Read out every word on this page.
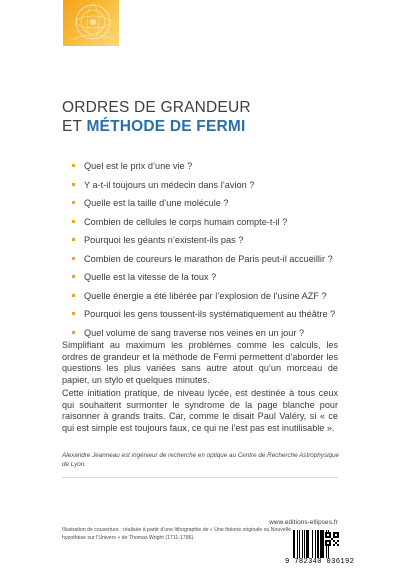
ORDRES DE GRANDEUR
ET MÉTHODE DE FERMI
Quel est le prix d’une vie ?
Y a-t-il toujours un médecin dans l’avion ?
Quelle est la taille d’une molécule ?
Combien de cellules le corps humain compte-t-il ?
Pourquoi les géants n’existent-ils pas ?
Combien de coureurs le marathon de Paris peut-il accueillir ?
Quelle est la vitesse de la toux ?
Quelle énergie a été libérée par l’explosion de l’usine AZF ?
Pourquoi les gens toussent-ils systématiquement au théâtre ?
Quel volume de sang traverse nos veines en un jour ?

Simplifiant au maximum les problèmes comme les calculs, les ordres de grandeur et la méthode de Fermi permettent d’aborder les questions les plus variées sans autre atout qu’un morceau de papier, un stylo et quelques minutes.

Cette initiation pratique, de niveau lycée, est destinée à tous ceux qui souhaitent surmonter le syndrome de la page blanche pour raisonner à grands traits. Car, comme le disait Paul Valéry, si « ce qui est simple est toujours faux, ce qui ne l’est pas est inutilisable ».

Alexandre Jeanneau est ingénieur de recherche en optique au Centre de Recherche Astrophysique de Lyon.

Illustration de couverture : réalisée à partir d’une lithographie de « Une théorie originale ou Nouvelle hypothèse sur l’Univers » de Thomas Wright (1711-1786).

www.editions-ellipses.fr
9 782340 036192
